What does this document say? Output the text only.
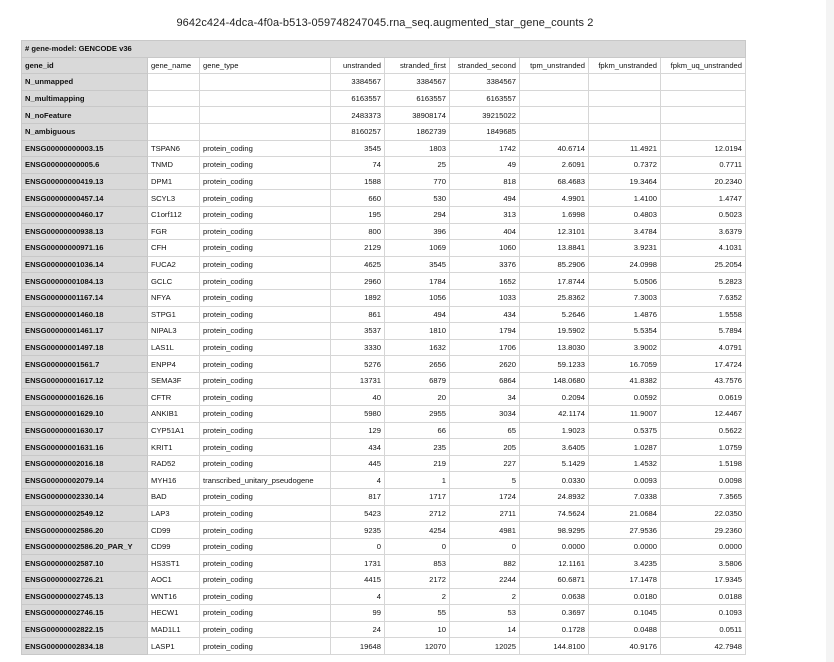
9642c424-4dca-4f0a-b513-059748247045.rna_seq.augmented_star_gene_counts 2
# gene-model: GENCODE v36								
gene_id	gene_name	gene_type	unstranded	stranded_first	stranded_second	tpm_unstranded	fpkm_unstranded	fpkm_uq_unstranded
N_unmapped			3384567	3384567	3384567			
N_multimapping			6163557	6163557	6163557			
N_noFeature			2483373	38908174	39215022			
N_ambiguous			8160257	1862739	1849685			
ENSG00000000003.15	TSPAN6	protein_coding	3545	1803	1742	40.6714	11.4921	12.0194
ENSG00000000005.6	TNMD	protein_coding	74	25	49	2.6091	0.7372	0.7711
ENSG00000000419.13	DPM1	protein_coding	1588	770	818	68.4683	19.3464	20.2340
ENSG00000000457.14	SCYL3	protein_coding	660	530	494	4.9901	1.4100	1.4747
ENSG00000000460.17	C1orf112	protein_coding	195	294	313	1.6998	0.4803	0.5023
ENSG00000000938.13	FGR	protein_coding	800	396	404	12.3101	3.4784	3.6379
ENSG00000000971.16	CFH	protein_coding	2129	1069	1060	13.8841	3.9231	4.1031
ENSG00000001036.14	FUCA2	protein_coding	4625	3545	3376	85.2906	24.0998	25.2054
ENSG00000001084.13	GCLC	protein_coding	2960	1784	1652	17.8744	5.0506	5.2823
ENSG00000001167.14	NFYA	protein_coding	1892	1056	1033	25.8362	7.3003	7.6352
ENSG00000001460.18	STPG1	protein_coding	861	494	434	5.2646	1.4876	1.5558
ENSG00000001461.17	NIPAL3	protein_coding	3537	1810	1794	19.5902	5.5354	5.7894
ENSG00000001497.18	LAS1L	protein_coding	3330	1632	1706	13.8030	3.9002	4.0791
ENSG00000001561.7	ENPP4	protein_coding	5276	2656	2620	59.1233	16.7059	17.4724
ENSG00000001617.12	SEMA3F	protein_coding	13731	6879	6864	148.0680	41.8382	43.7576
ENSG00000001626.16	CFTR	protein_coding	40	20	34	0.2094	0.0592	0.0619
ENSG00000001629.10	ANKIB1	protein_coding	5980	2955	3034	42.1174	11.9007	12.4467
ENSG00000001630.17	CYP51A1	protein_coding	129	66	65	1.9023	0.5375	0.5622
ENSG00000001631.16	KRIT1	protein_coding	434	235	205	3.6405	1.0287	1.0759
ENSG00000002016.18	RAD52	protein_coding	445	219	227	5.1429	1.4532	1.5198
ENSG00000002079.14	MYH16	transcribed_unitary_pseudogene	4	1	5	0.0330	0.0093	0.0098
ENSG00000002330.14	BAD	protein_coding	817	1717	1724	24.8932	7.0338	7.3565
ENSG00000002549.12	LAP3	protein_coding	5423	2712	2711	74.5624	21.0684	22.0350
ENSG00000002586.20	CD99	protein_coding	9235	4254	4981	98.9295	27.9536	29.2360
ENSG00000002586.20_PAR_Y	CD99	protein_coding	0	0	0	0.0000	0.0000	0.0000
ENSG00000002587.10	HS3ST1	protein_coding	1731	853	882	12.1161	3.4235	3.5806
ENSG00000002726.21	AOC1	protein_coding	4415	2172	2244	60.6871	17.1478	17.9345
ENSG00000002745.13	WNT16	protein_coding	4	2	2	0.0638	0.0180	0.0188
ENSG00000002746.15	HECW1	protein_coding	99	55	53	0.3697	0.1045	0.1093
ENSG00000002822.15	MAD1L1	protein_coding	24	10	14	0.1728	0.0488	0.0511
ENSG00000002834.18	LASP1	protein_coding	19648	12070	12025	144.8100	40.9176	42.7948
